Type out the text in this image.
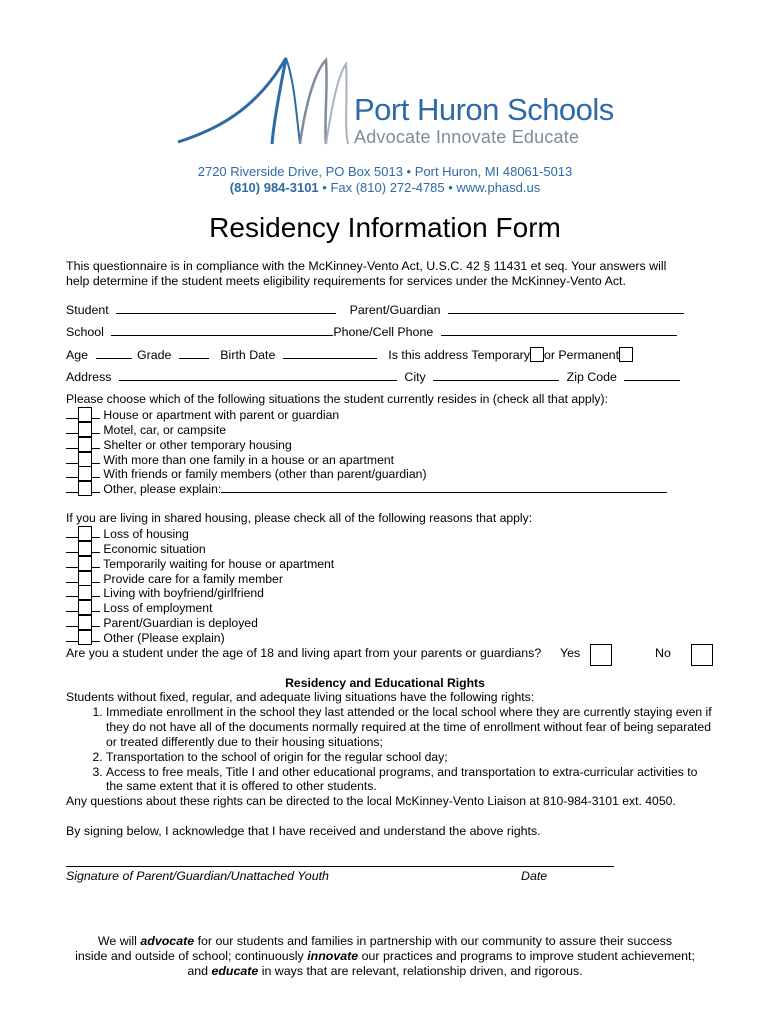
Port Huron Schools
Advocate Innovate Educate
2720 Riverside Drive, PO Box 5013 • Port Huron, MI 48061-5013
(810) 984-3101 • Fax (810) 272-4785 • www.phasd.us
Residency Information Form
This questionnaire is in compliance with the McKinney-Vento Act, U.S.C. 42 § 11431 et seq. Your answers will
help determine if the student meets eligibility requirements for services under the McKinney-Vento Act.
Student	Parent/Guardian
School	Phone/Cell Phone
Age	Grade	Birth Date	Is this address Temporary or Permanent
Address	City	Zip Code
Please choose which of the following situations the student currently resides in (check all that apply):
House or apartment with parent or guardian
Motel, car, or campsite
Shelter or other temporary housing
With more than one family in a house or an apartment
With friends or family members (other than parent/guardian)
Other, please explain:
If you are living in shared housing, please check all of the following reasons that apply:
Loss of housing
Economic situation
Temporarily waiting for house or apartment
Provide care for a family member
Living with boyfriend/girlfriend
Loss of employment
Parent/Guardian is deployed
Other (Please explain)
Are you a student under the age of 18 and living apart from your parents or guardians? Yes	No
Residency and Educational Rights
Students without fixed, regular, and adequate living situations have the following rights:
1. Immediate enrollment in the school they last attended or the local school where they are currently staying even if they do not have all of the documents normally required at the time of enrollment without fear of being separated or treated differently due to their housing situations;
2. Transportation to the school of origin for the regular school day;
3. Access to free meals, Title I and other educational programs, and transportation to extra-curricular activities to the same extent that it is offered to other students.
Any questions about these rights can be directed to the local McKinney-Vento Liaison at 810-984-3101 ext. 4050.
By signing below, I acknowledge that I have received and understand the above rights.
Signature of Parent/Guardian/Unattached Youth	Date
We will advocate for our students and families in partnership with our community to assure their success
inside and outside of school; continuously innovate our practices and programs to improve student achievement;
and educate in ways that are relevant, relationship driven, and rigorous.
